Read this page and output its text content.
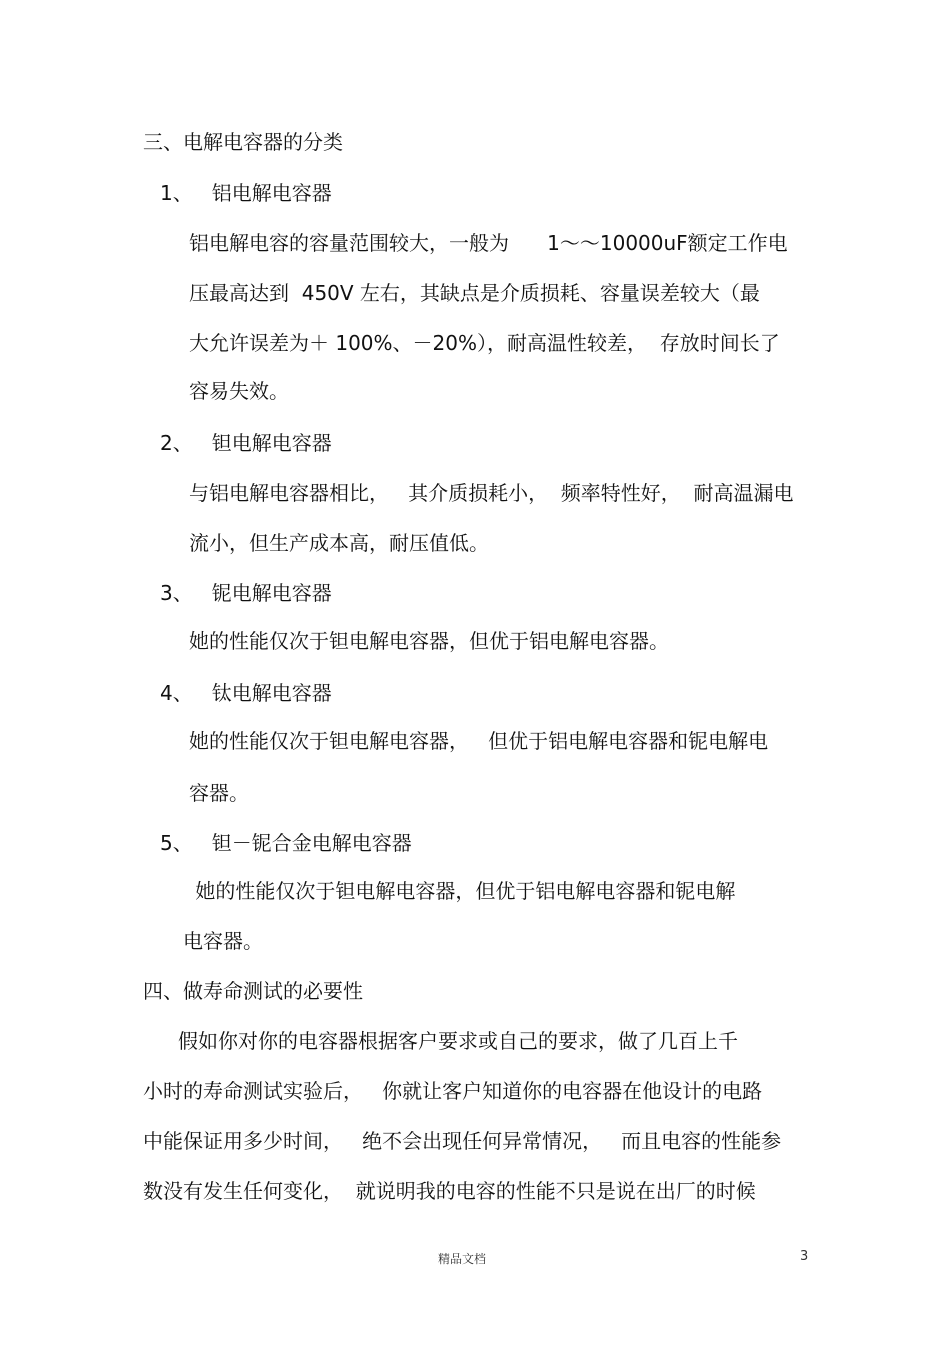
三、电解电容器的分类
1、   铝电解电容器
铝电解电容的容量范围较大，一般为      1～～10000uF额定工作电
压最高达到  450V 左右，其缺点是介质损耗、容量误差较大（最
大允许误差为＋ 100%、－20%），耐高温性较差，  存放时间长了
容易失效。
2、   钽电解电容器
与铝电解电容器相比，   其介质损耗小，  频率特性好，  耐高温漏电
流小，但生产成本高，耐压值低。
3、   铌电解电容器
她的性能仅次于钽电解电容器，但优于铝电解电容器。
4、   钛电解电容器
她的性能仅次于钽电解电容器，   但优于铝电解电容器和铌电解电
容器。
5、   钽－铌合金电解电容器
她的性能仅次于钽电解电容器，但优于铝电解电容器和铌电解
电容器。
四、做寿命测试的必要性
假如你对你的电容器根据客户要求或自己的要求，做了几百上千
小时的寿命测试实验后，   你就让客户知道你的电容器在他设计的电路
中能保证用多少时间，   绝不会出现任何异常情况，   而且电容的性能参
数没有发生任何变化，  就说明我的电容的性能不只是说在出厂的时候
精品文档	3
